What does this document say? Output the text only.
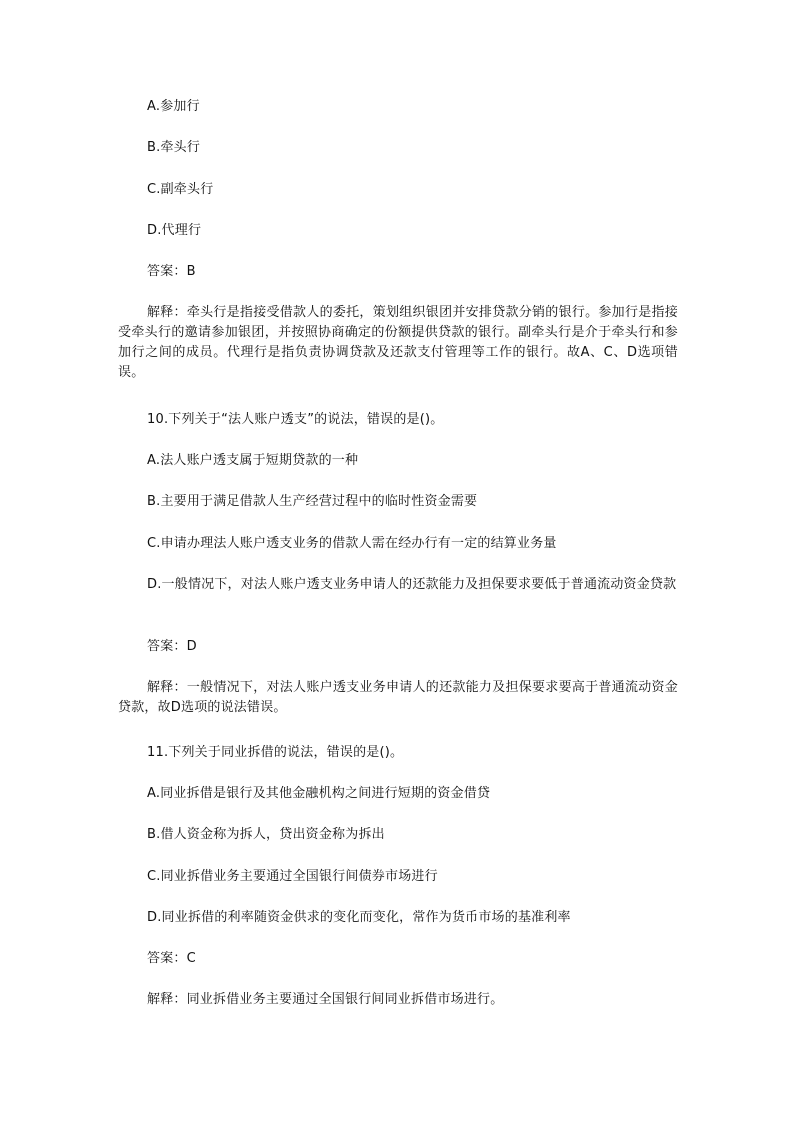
A.参加行
B.牵头行
C.副牵头行
D.代理行
答案：B
解释：牵头行是指接受借款人的委托，策划组织银团并安排贷款分销的银行。参加行是指接受牵头行的邀请参加银团，并按照协商确定的份额提供贷款的银行。副牵头行是介于牵头行和参加行之间的成员。代理行是指负责协调贷款及还款支付管理等工作的银行。故A、C、D选项错误。
10.下列关于“法人账户透支”的说法，错误的是()。
A.法人账户透支属于短期贷款的一种
B.主要用于满足借款人生产经营过程中的临时性资金需要
C.申请办理法人账户透支业务的借款人需在经办行有一定的结算业务量
D.一般情况下，对法人账户透支业务申请人的还款能力及担保要求要低于普通流动资金贷款
答案：D
解释：一般情况下，对法人账户透支业务申请人的还款能力及担保要求要高于普通流动资金贷款，故D选项的说法错误。
11.下列关于同业拆借的说法，错误的是()。
A.同业拆借是银行及其他金融机构之间进行短期的资金借贷
B.借人资金称为拆人，贷出资金称为拆出
C.同业拆借业务主要通过全国银行间债券市场进行
D.同业拆借的利率随资金供求的变化而变化，常作为货币市场的基准利率
答案：C
解释：同业拆借业务主要通过全国银行间同业拆借市场进行。
